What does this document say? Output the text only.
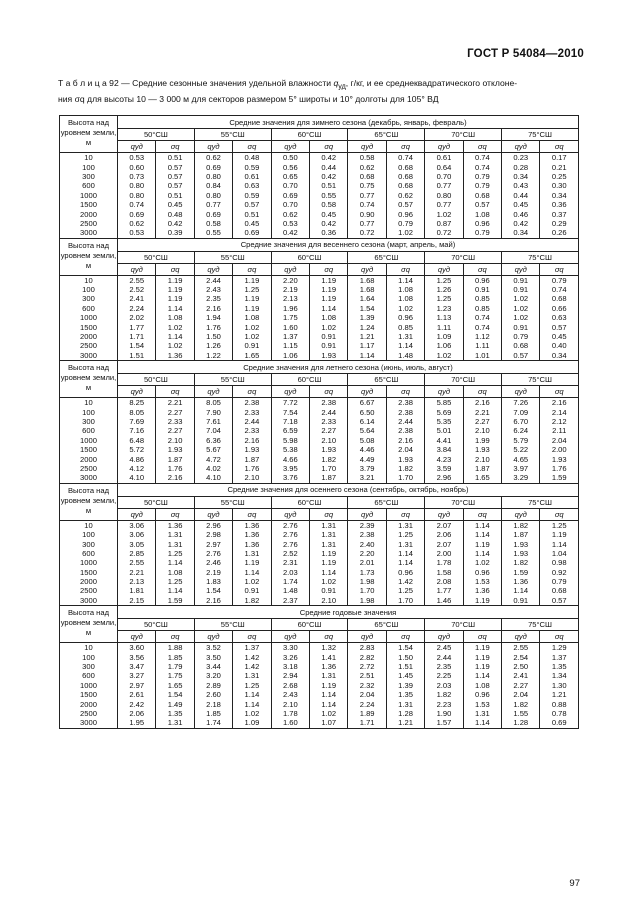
ГОСТ Р 54084—2010
Т а б л и ц а 92 — Средние сезонные значения удельной влажности $q_{уд}$, г/кг, и ее среднеквадратического отклоне-
ния σq для высоты 10 — 3 000 м для секторов размером 5° широты и 10° долготы для 105° ВД
Высота над уровнем земли, м	Средние значения для зимнего сезона (декабрь, январь, февраль)											
	50°СШ		55°СШ		60°СШ		65°СШ		70°СШ		75°СШ	
	qуд	σq	qуд	σq	qуд	σq	qуд	σq	qуд	σq	qуд	σq
10	0.53	0.51	0.62	0.48	0.50	0.42	0.58	0.74	0.61	0.74	0.23	0.17
100	0.60	0.57	0.69	0.59	0.56	0.44	0.62	0.68	0.64	0.74	0.28	0.21
300	0.73	0.57	0.80	0.61	0.65	0.42	0.68	0.68	0.70	0.79	0.34	0.25
600	0.80	0.57	0.84	0.63	0.70	0.51	0.75	0.68	0.77	0.79	0.43	0.30
1000	0.80	0.51	0.80	0.59	0.69	0.55	0.77	0.62	0.80	0.68	0.44	0.34
1500	0.74	0.45	0.77	0.57	0.70	0.58	0.74	0.57	0.77	0.57	0.45	0.36
2000	0.69	0.48	0.69	0.51	0.62	0.45	0.90	0.96	1.02	1.08	0.46	0.37
2500	0.62	0.42	0.58	0.45	0.53	0.42	0.77	0.79	0.87	0.96	0.42	0.29
3000	0.53	0.39	0.55	0.69	0.42	0.36	0.72	1.02	0.72	0.79	0.34	0.26
Высота над уровнем земли, м	Средние значения для весеннего сезона (март, апрель, май)											
	50°СШ		55°СШ		60°СШ		65°СШ		70°СШ		75°СШ	
	qуд	σq	qуд	σq	qуд	σq	qуд	σq	qуд	σq	qуд	σq
10	2.55	1.19	2.44	1.19	2.20	1.19	1.68	1.14	1.25	0.96	0.91	0.79
100	2.52	1.19	2.43	1.25	2.19	1.19	1.68	1.08	1.26	0.91	0.91	0.74
300	2.41	1.19	2.35	1.19	2.13	1.19	1.64	1.08	1.25	0.85	1.02	0.68
600	2.24	1.14	2.16	1.19	1.96	1.14	1.54	1.02	1.23	0.85	1.02	0.66
1000	2.02	1.08	1.94	1.08	1.75	1.08	1.39	0.96	1.13	0.74	1.02	0.63
1500	1.77	1.02	1.76	1.02	1.60	1.02	1.24	0.85	1.11	0.74	0.91	0.57
2000	1.71	1.14	1.50	1.02	1.37	0.91	1.21	1.31	1.09	1.12	0.79	0.45
2500	1.54	1.02	1.26	0.91	1.15	0.91	1.17	1.14	1.06	1.11	0.68	0.40
3000	1.51	1.36	1.22	1.65	1.06	1.93	1.14	1.48	1.02	1.01	0.57	0.34
Высота над уровнем земли, м	Средние значения для летнего сезона (июнь, июль, август)											
	50°СШ		55°СШ		60°СШ		65°СШ		70°СШ		75°СШ	
	qуд	σq	qуд	σq	qуд	σq	qуд	σq	qуд	σq	qуд	σq
10	8.25	2.21	8.05	2.38	7.72	2.38	6.67	2.38	5.85	2.16	7.26	2.16
100	8.05	2.27	7.90	2.33	7.54	2.44	6.50	2.38	5.69	2.21	7.09	2.14
300	7.69	2.33	7.61	2.44	7.18	2.33	6.14	2.44	5.35	2.27	6.70	2.12
600	7.16	2.27	7.04	2.33	6.59	2.27	5.64	2.38	5.01	2.10	6.24	2.11
1000	6.48	2.10	6.36	2.16	5.98	2.10	5.08	2.16	4.41	1.99	5.79	2.04
1500	5.72	1.93	5.67	1.93	5.38	1.93	4.46	2.04	3.84	1.93	5.22	2.00
2000	4.86	1.87	4.72	1.87	4.66	1.82	4.49	1.93	4.23	2.10	4.65	1.93
2500	4.12	1.76	4.02	1.76	3.95	1.70	3.79	1.82	3.59	1.87	3.97	1.76
3000	4.10	2.16	4.10	2.10	3.76	1.87	3.21	1.70	2.96	1.65	3.29	1.59
Высота над уровнем земли, м	Средние значения для осеннего сезона (сентябрь, октябрь, ноябрь)											
	50°СШ		55°СШ		60°СШ		65°СШ		70°СШ		75°СШ	
	qуд	σq	qуд	σq	qуд	σq	qуд	σq	qуд	σq	qуд	σq
10	3.06	1.36	2.96	1.36	2.76	1.31	2.39	1.31	2.07	1.14	1.82	1.25
100	3.06	1.31	2.98	1.36	2.76	1.31	2.38	1.25	2.06	1.14	1.87	1.19
300	3.05	1.31	2.97	1.36	2.76	1.31	2.40	1.31	2.07	1.19	1.93	1.14
600	2.85	1.25	2.76	1.31	2.52	1.19	2.20	1.14	2.00	1.14	1.93	1.04
1000	2.55	1.14	2.46	1.19	2.31	1.19	2.01	1.14	1.78	1.02	1.82	0.98
1500	2.21	1.08	2.19	1.14	2.03	1.14	1.73	0.96	1.58	0.96	1.59	0.92
2000	2.13	1.25	1.83	1.02	1.74	1.02	1.98	1.42	2.08	1.53	1.36	0.79
2500	1.81	1.14	1.54	0.91	1.48	0.91	1.70	1.25	1.77	1.36	1.14	0.68
3000	2.15	1.59	2.16	1.82	2.37	2.10	1.98	1.70	1.46	1.19	0.91	0.57
Высота над уровнем земли, м	Средние годовые значения											
	50°СШ		55°СШ		60°СШ		65°СШ		70°СШ		75°СШ	
	qуд	σq	qуд	σq	qуд	σq	qуд	σq	qуд	σq	qуд	σq
10	3.60	1.88	3.52	1.37	3.30	1.32	2.83	1.54	2.45	1.19	2.55	1.29
100	3.56	1.85	3.50	1.42	3.26	1.41	2.82	1.50	2.44	1.19	2.54	1.37
300	3.47	1.79	3.44	1.42	3.18	1.36	2.72	1.51	2.35	1.19	2.50	1.35
600	3.27	1.75	3.20	1.31	2.94	1.31	2.51	1.45	2.25	1.14	2.41	1.34
1000	2.97	1.65	2.89	1.25	2.68	1.19	2.32	1.39	2.03	1.08	2.27	1.30
1500	2.61	1.54	2.60	1.14	2.43	1.14	2.04	1.35	1.82	0.96	2.04	1.21
2000	2.42	1.49	2.18	1.14	2.10	1.14	2.24	1.31	2.23	1.53	1.82	0.88
2500	2.06	1.35	1.85	1.02	1.78	1.02	1.89	1.28	1.90	1.31	1.55	0.78
3000	1.95	1.31	1.74	1.09	1.60	1.07	1.71	1.21	1.57	1.14	1.28	0.69
97
